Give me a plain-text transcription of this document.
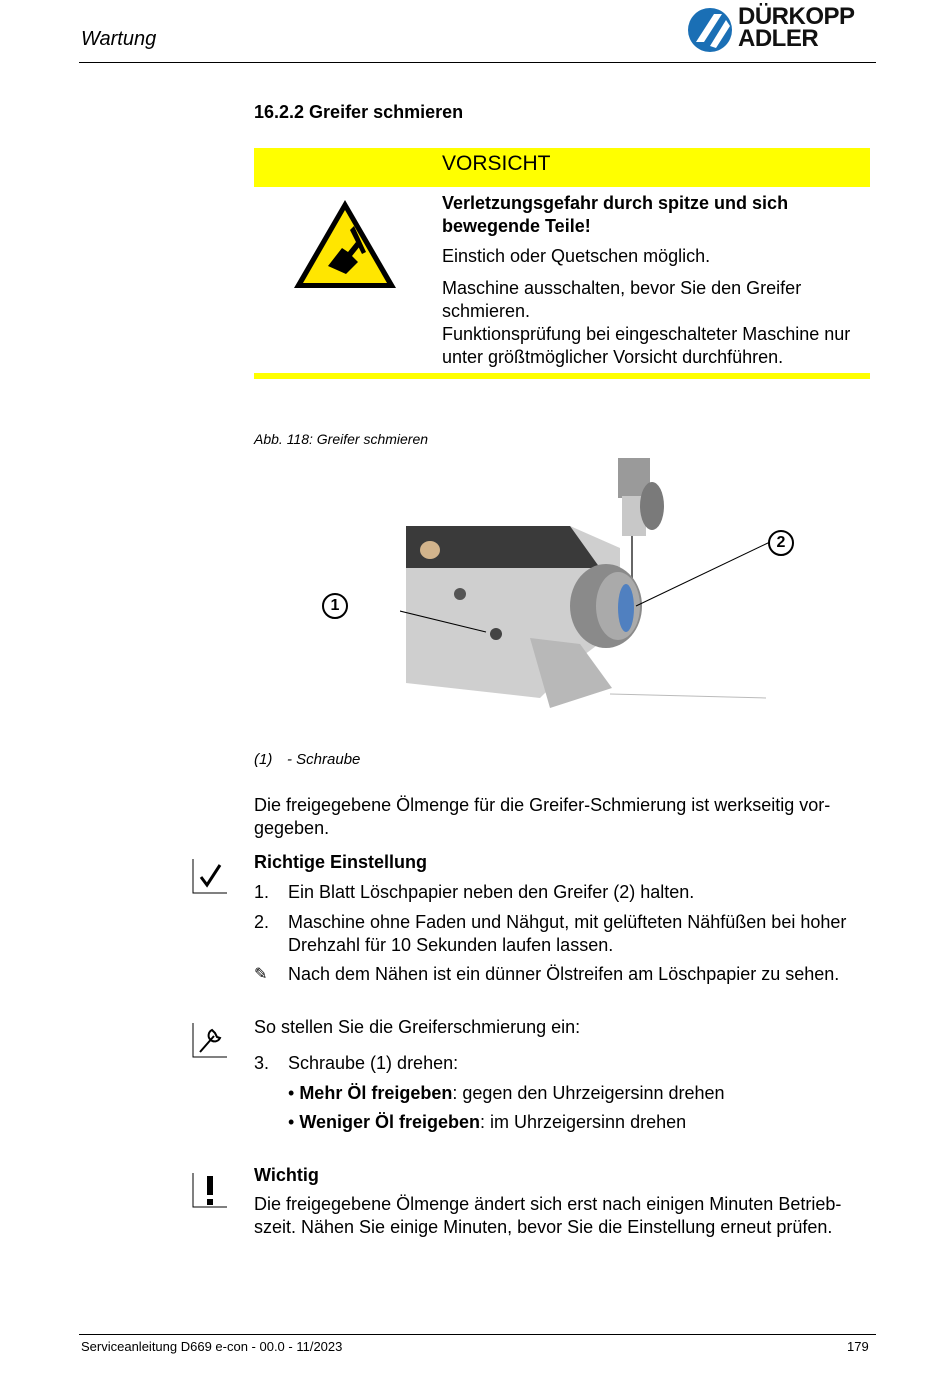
Wartung
DÜRKOPP
ADLER
16.2.2 Greifer schmieren
VORSICHT
Verletzungsgefahr durch spitze und sich bewegende Teile!
Einstich oder Quetschen möglich.
Maschine ausschalten, bevor Sie den Greifer schmieren.
Funktionsprüfung bei eingeschalteter Maschine nur unter größtmöglicher Vorsicht durchführen.
Abb. 118: Greifer schmieren
1
2
(1) - Schraube
Die freigegebene Ölmenge für die Greifer-Schmierung ist werkseitig vor- gegeben.
Richtige Einstellung
1. Ein Blatt Löschpapier neben den Greifer (2) halten.
2. Maschine ohne Faden und Nähgut, mit gelüfteten Nähfüßen bei hoher Drehzahl für 10 Sekunden laufen lassen.
✎ Nach dem Nähen ist ein dünner Ölstreifen am Löschpapier zu sehen.
So stellen Sie die Greiferschmierung ein:
3. Schraube (1) drehen:
• Mehr Öl freigeben: gegen den Uhrzeigersinn drehen
• Weniger Öl freigeben: im Uhrzeigersinn drehen
Wichtig
Die freigegebene Ölmenge ändert sich erst nach einigen Minuten Betrieb- szeit. Nähen Sie einige Minuten, bevor Sie die Einstellung erneut prüfen.
Serviceanleitung D669 e-con - 00.0 - 11/2023	179
